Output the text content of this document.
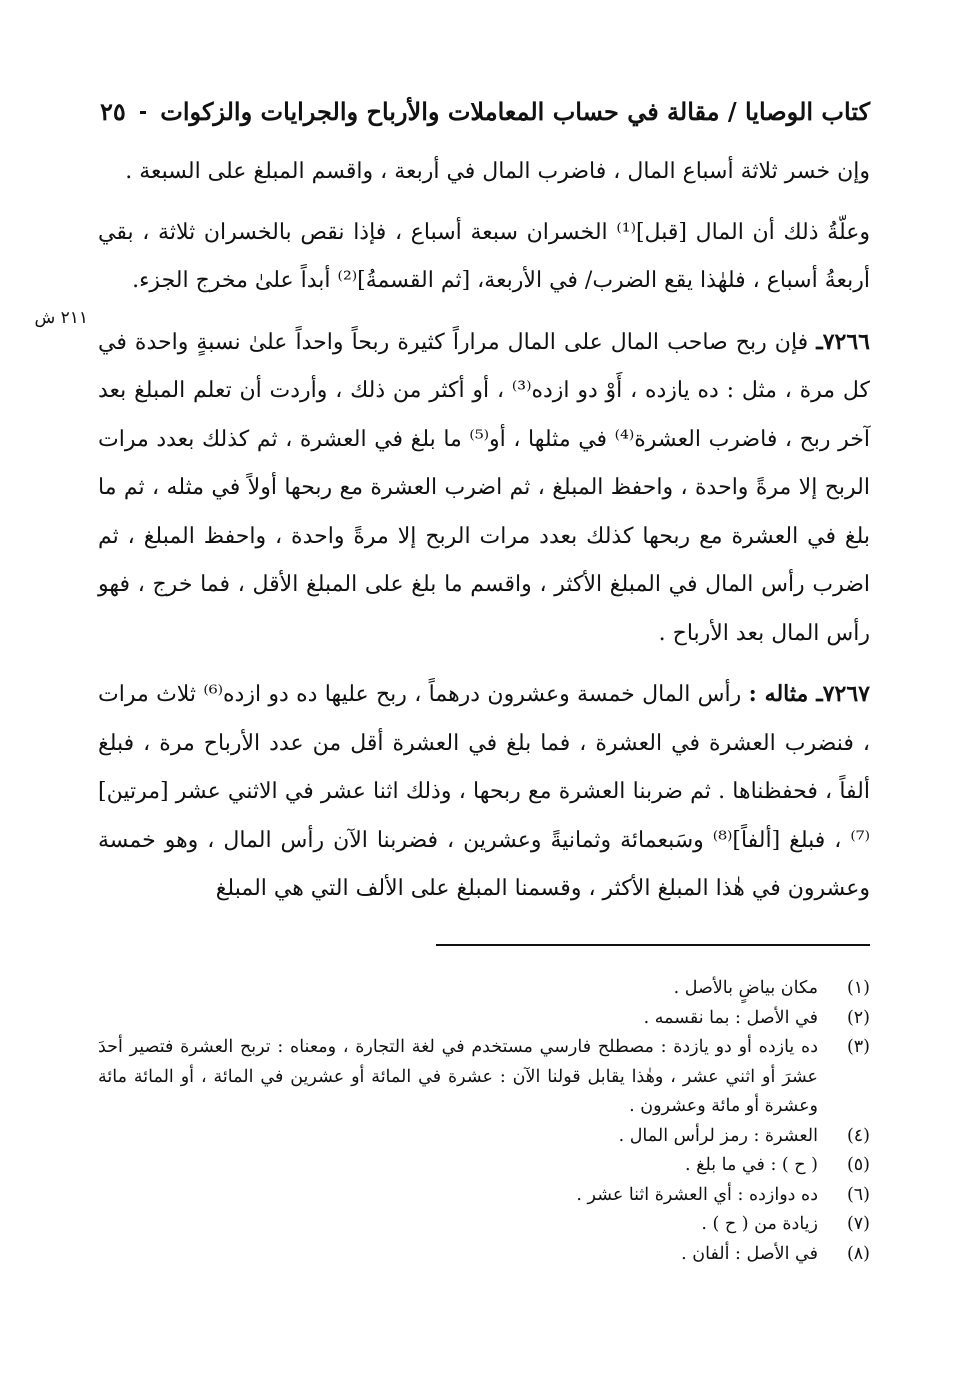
كتاب الوصايا / مقالة في حساب المعاملات والأرباح والجرايات والزكوات
٢٥

وإن خسر ثلاثة أسباع المال ، فاضرب المال في أربعة ، واقسم المبلغ على السبعة .

وعلّةُ ذلك أن المال [قبل]⁽¹⁾ الخسران سبعة أسباع ، فإذا نقص بالخسران ثلاثة ، بقي أربعةُ أسباع ، فلهٰذا يقع الضرب/ في الأربعة، [ثم القسمةُ]⁽²⁾ أبداً علىٰ مخرج الجزء.

٧٢٦٦ـ فإن ربح صاحب المال على المال مراراً كثيرة ربحاً واحداً علىٰ نسبةٍ واحدة في كل مرة ، مثل : ده يازده ، أَوْ دو ازده⁽³⁾ ، أو أكثر من ذلك ، وأردت أن تعلم المبلغ بعد آخر ربح ، فاضرب العشرة⁽⁴⁾ في مثلها ، أو⁽⁵⁾ ما بلغ في العشرة ، ثم كذلك بعدد مرات الربح إلا مرةً واحدة ، واحفظ المبلغ ، ثم اضرب العشرة مع ربحها أولاً في مثله ، ثم ما بلغ في العشرة مع ربحها كذلك بعدد مرات الربح إلا مرةً واحدة ، واحفظ المبلغ ، ثم اضرب رأس المال في المبلغ الأكثر ، واقسم ما بلغ على المبلغ الأقل ، فما خرج ، فهو رأس المال بعد الأرباح .

٧٢٦٧ـ مثاله : رأس المال خمسة وعشرون درهماً ، ربح عليها ده دو ازده⁽⁶⁾ ثلاث مرات ، فنضرب العشرة في العشرة ، فما بلغ في العشرة أقل من عدد الأرباح مرة ، فبلغ ألفاً ، فحفظناها . ثم ضربنا العشرة مع ربحها ، وذلك اثنا عشر في الاثني عشر [مرتين]⁽⁷⁾ ، فبلغ [ألفاً]⁽⁸⁾ وسَبعمائة وثمانيةً وعشرين ، فضربنا الآن رأس المال ، وهو خمسة وعشرون في هٰذا المبلغ الأكثر ، وقسمنا المبلغ على الألف التي هي المبلغ

٢١١ ش
(١)
مكان بياضٍ بالأصل .
(٢)
في الأصل : بما نقسمه .
(٣)
ده يازده أو دو يازدة : مصطلح فارسي مستخدم في لغة التجارة ، ومعناه : تربح العشرة فتصير أحدَ عشرَ أو اثني عشر ، وهٰذا يقابل قولنا الآن : عشرة في المائة أو عشرين في المائة ، أو المائة مائة وعشرة أو مائة وعشرون .
(٤)
العشرة : رمز لرأس المال .
(٥)
( ح ) : في ما بلغ .
(٦)
ده دوازده : أي العشرة اثنا عشر .
(٧)
زيادة من ( ح ) .
(٨)
في الأصل : ألفان .
